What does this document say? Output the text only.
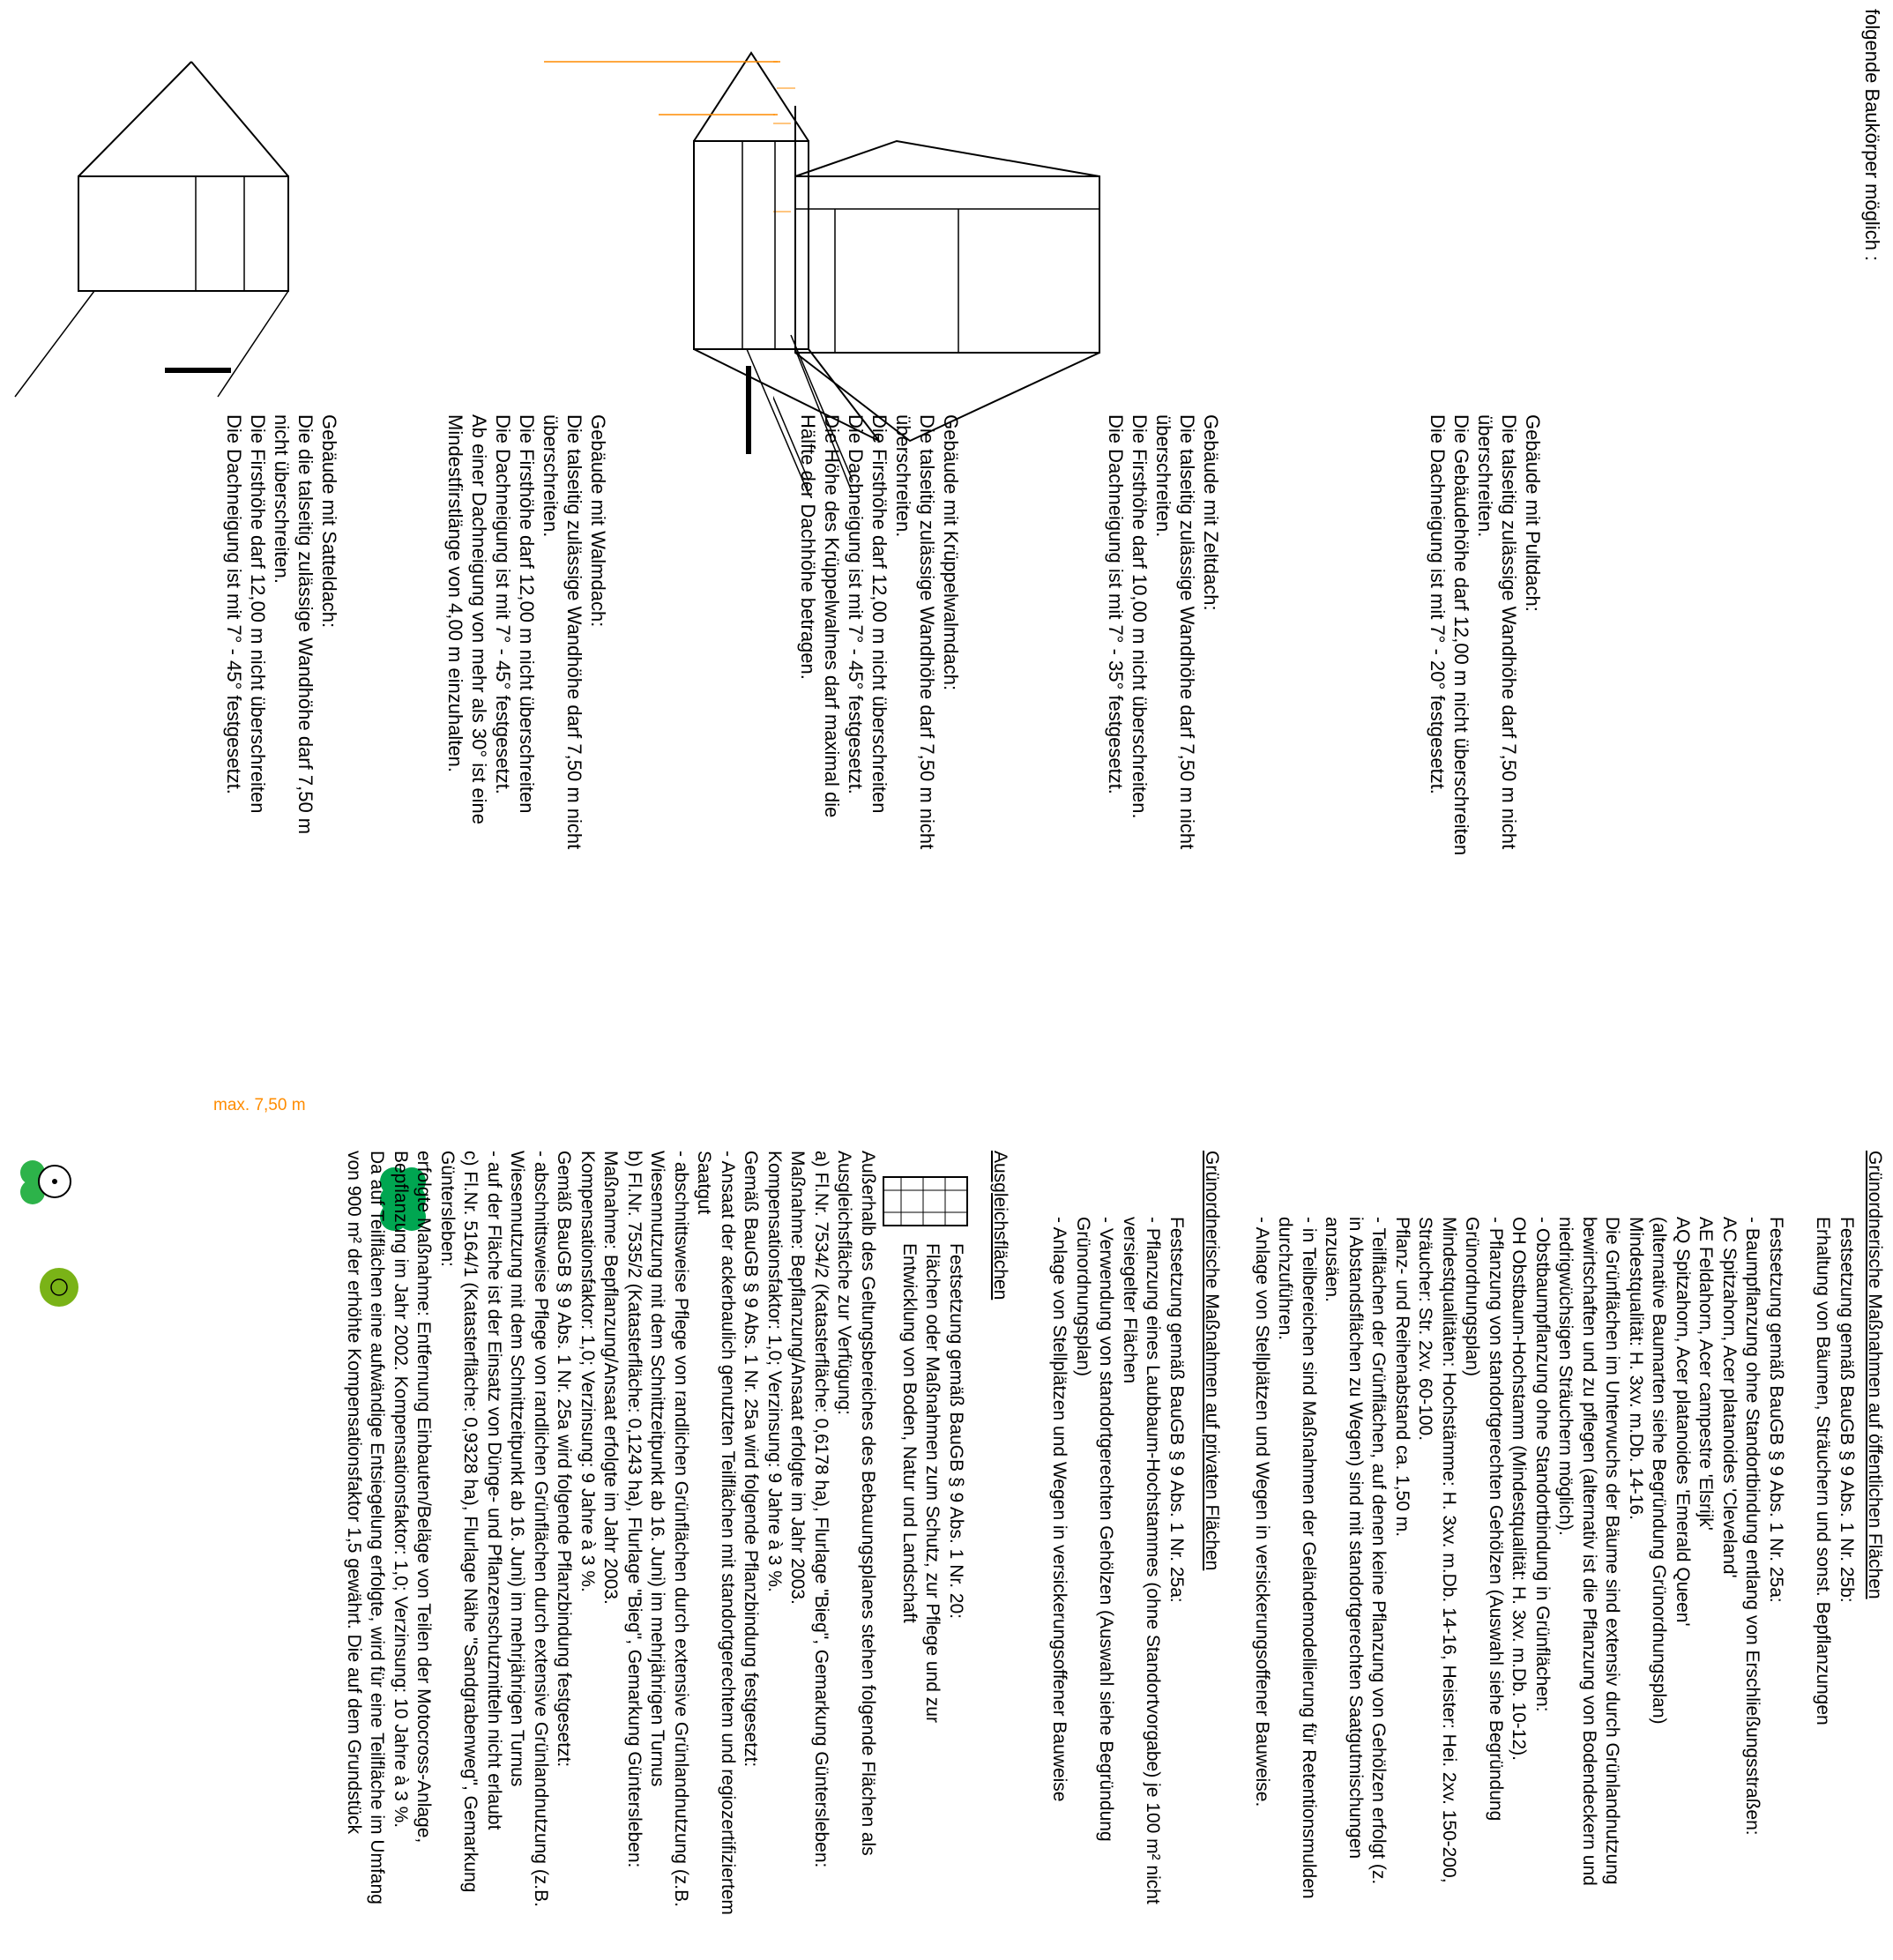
folgende Baukörper möglich :
max. 7,50 m
Gebäude mit Satteldach:
Die die talseitig zulässige Wandhöhe darf 7,50 m
nicht überschreiten.
Die Firsthöhe darf 12,00 m nicht überschreiten
Die Dachneigung ist mit 7° - 45° festgesetzt.	Gebäude mit Walmdach:
Die talseitig zulässige Wandhöhe darf 7,50 m nicht
überschreiten.
Die Firsthöhe darf 12,00 m nicht überschreiten
Die Dachneigung ist mit 7° - 45° festgesetzt.
Ab einer Dachneigung von mehr als 30° ist eine
Mindestfirstlänge von 4,00 m einzuhalten.	Gebäude mit Krüppelwalmdach:
Die talseitig zulässige Wandhöhe darf 7,50 m nicht
überschreiten.
Die Firsthöhe darf 12,00 m nicht überschreiten
Die Dachneigung ist mit 7° - 45° festgesetzt.
Die Höhe des Krüppelwalmes darf maximal die
Hälfte der Dachhöhe betragen.	Gebäude mit Zeltdach:
Die talseitig zulässige Wandhöhe darf 7,50 m nicht
überschreiten.
Die Firsthöhe darf 10,00 m nicht überschreiten.
Die Dachneigung ist mit 7° - 35° festgesetzt.	Gebäude mit Pultdach:
Die talseitig zulässige Wandhöhe darf 7,50 m nicht
überschreiten.
Die Gebäudehöhe darf 12,00 m nicht überschreiten
Die Dachneigung ist mit 7° - 20° festgesetzt.
Grünordnerische Maßnahmen auf öffentlichen Flächen
Festsetzung gemäß BauGB § 9 Abs. 1 Nr. 25b:
Erhaltung von Bäumen, Sträuchern und sonst. Bepflanzungen
Festsetzung gemäß BauGB § 9 Abs. 1 Nr. 25a:
- Baumpflanzung ohne Standortbindung entlang von Erschließungsstraßen:
AC Spitzahorn, Acer platanoides 'Cleveland'
AE Feldahorn, Acer campestre 'Elsrijk'
AQ Spitzahorn, Acer platanoides 'Emerald Queen'
(alternative Baumarten siehe Begründung Grünordnungsplan)
Mindestqualität: H. 3xv. m.Db. 14-16.
Die Grünflächen im Unterwuchs der Bäume sind extensiv durch Grünlandnutzung
bewirtschaften und zu pflegen (alternativ ist die Pflanzung von Bodendeckern und
niedrigwüchsigen Sträuchern möglich).
- Obstbaumpflanzung ohne Standortbindung in Grünflächen:
OH Obstbaum-Hochstamm (Mindestqualität: H. 3xv. m.Db. 10-12).
- Pflanzung von standortgerechten Gehölzen (Auswahl siehe Begründung
Grünordnungsplan)
Mindestqualitäten: Hochstämme: H. 3xv. m.Db. 14-16, Heister: Hei. 2xv. 150-200,
Sträucher: Str. 2xv. 60-100.
Pflanz- und Reihenabstand ca. 1,50 m.
- Teilflächen der Grünflächen, auf denen keine Pflanzung von Gehölzen erfolgt (z.
in Abstandsflächen zu Wegen) sind mit standortgerechten Saatgutmischungen
anzusäen.
- in Teilbereichen sind Maßnahmen der Geländemodellierung für Retentionsmulden
durchzuführen.
- Anlage von Stellplätzen und Wegen in versickerungsoffener Bauweise.
Grünordnerische Maßnahmen auf privaten Flächen
Festsetzung gemäß BauGB § 9 Abs. 1 Nr. 25a:
- Pflanzung eines Laubbaum-Hochstammes (ohne Standortvorgabe) je 100 m² nicht
versiegelter Flächen
- Verwendung von standortgerechten Gehölzen (Auswahl siehe Begründung
Grünordnungsplan)
- Anlage von Stellplätzen und Wegen in versickerungsoffener Bauweise
Ausgleichsflächen
Festsetzung gemäß BauGB § 9 Abs. 1 Nr. 20:
Flächen oder Maßnahmen zum Schutz, zur Pflege und zur
Entwicklung von Boden, Natur und Landschaft
Außerhalb des Geltungsbereiches des Bebauungsplanes stehen folgende Flächen als
Ausgleichsfläche zur Verfügung:
a) Fl.Nr. 7534/2 (Katasterfläche: 0,6178 ha), Flurlage "Bieg", Gemarkung Güntersleben:
Maßnahme: Bepflanzung/Ansaat erfolgte im Jahr 2003.
Kompensationsfaktor: 1,0; Verzinsung: 9 Jahre à 3 %.
Gemäß BauGB § 9 Abs. 1 Nr. 25a wird folgende Pflanzbindung festgesetzt:
- Ansaat der ackerbaulich genutzten Teilflächen mit standortgerechtem und regiozertifiziertem
Saatgut
- abschnittsweise Pflege von randlichen Grünflächen durch extensive Grünlandnutzung (z.B.
Wiesennutzung mit dem Schnittzeitpunkt ab 16. Juni) im mehrjährigen Turnus
b) Fl.Nr. 7535/2 (Katasterfläche: 0,1243 ha), Flurlage "Bieg", Gemarkung Güntersleben:
Maßnahme: Bepflanzung/Ansaat erfolgte im Jahr 2003.
Kompensationsfaktor: 1,0; Verzinsung: 9 Jahre à 3 %.
Gemäß BauGB § 9 Abs. 1 Nr. 25a wird folgende Pflanzbindung festgesetzt:
- abschnittsweise Pflege von randlichen Grünflächen durch extensive Grünlandnutzung (z.B.
Wiesennutzung mit dem Schnittzeitpunkt ab 16. Juni) im mehrjährigen Turnus
- auf der Fläche ist der Einsatz von Dünge- und Pflanzenschutzmitteln nicht erlaubt
c) Fl.Nr. 5164/1 (Katasterfläche: 0,9328 ha), Flurlage Nähe "Sandgrabenweg", Gemarkung
Güntersleben:
erfolgte Maßnahme: Entfernung Einbauten/Beläge von Teilen der Motocross-Anlage,
Bepflanzung im Jahr 2002. Kompensationsfaktor: 1,0; Verzinsung: 10 Jahre à 3 %.
Da auf Teilflächen eine aufwändige Entsiegelung erfolgte, wird für eine Teilfläche im Umfang
von 900 m² der erhöhte Kompensationsfaktor 1,5 gewährt. Die auf dem Grundstück
